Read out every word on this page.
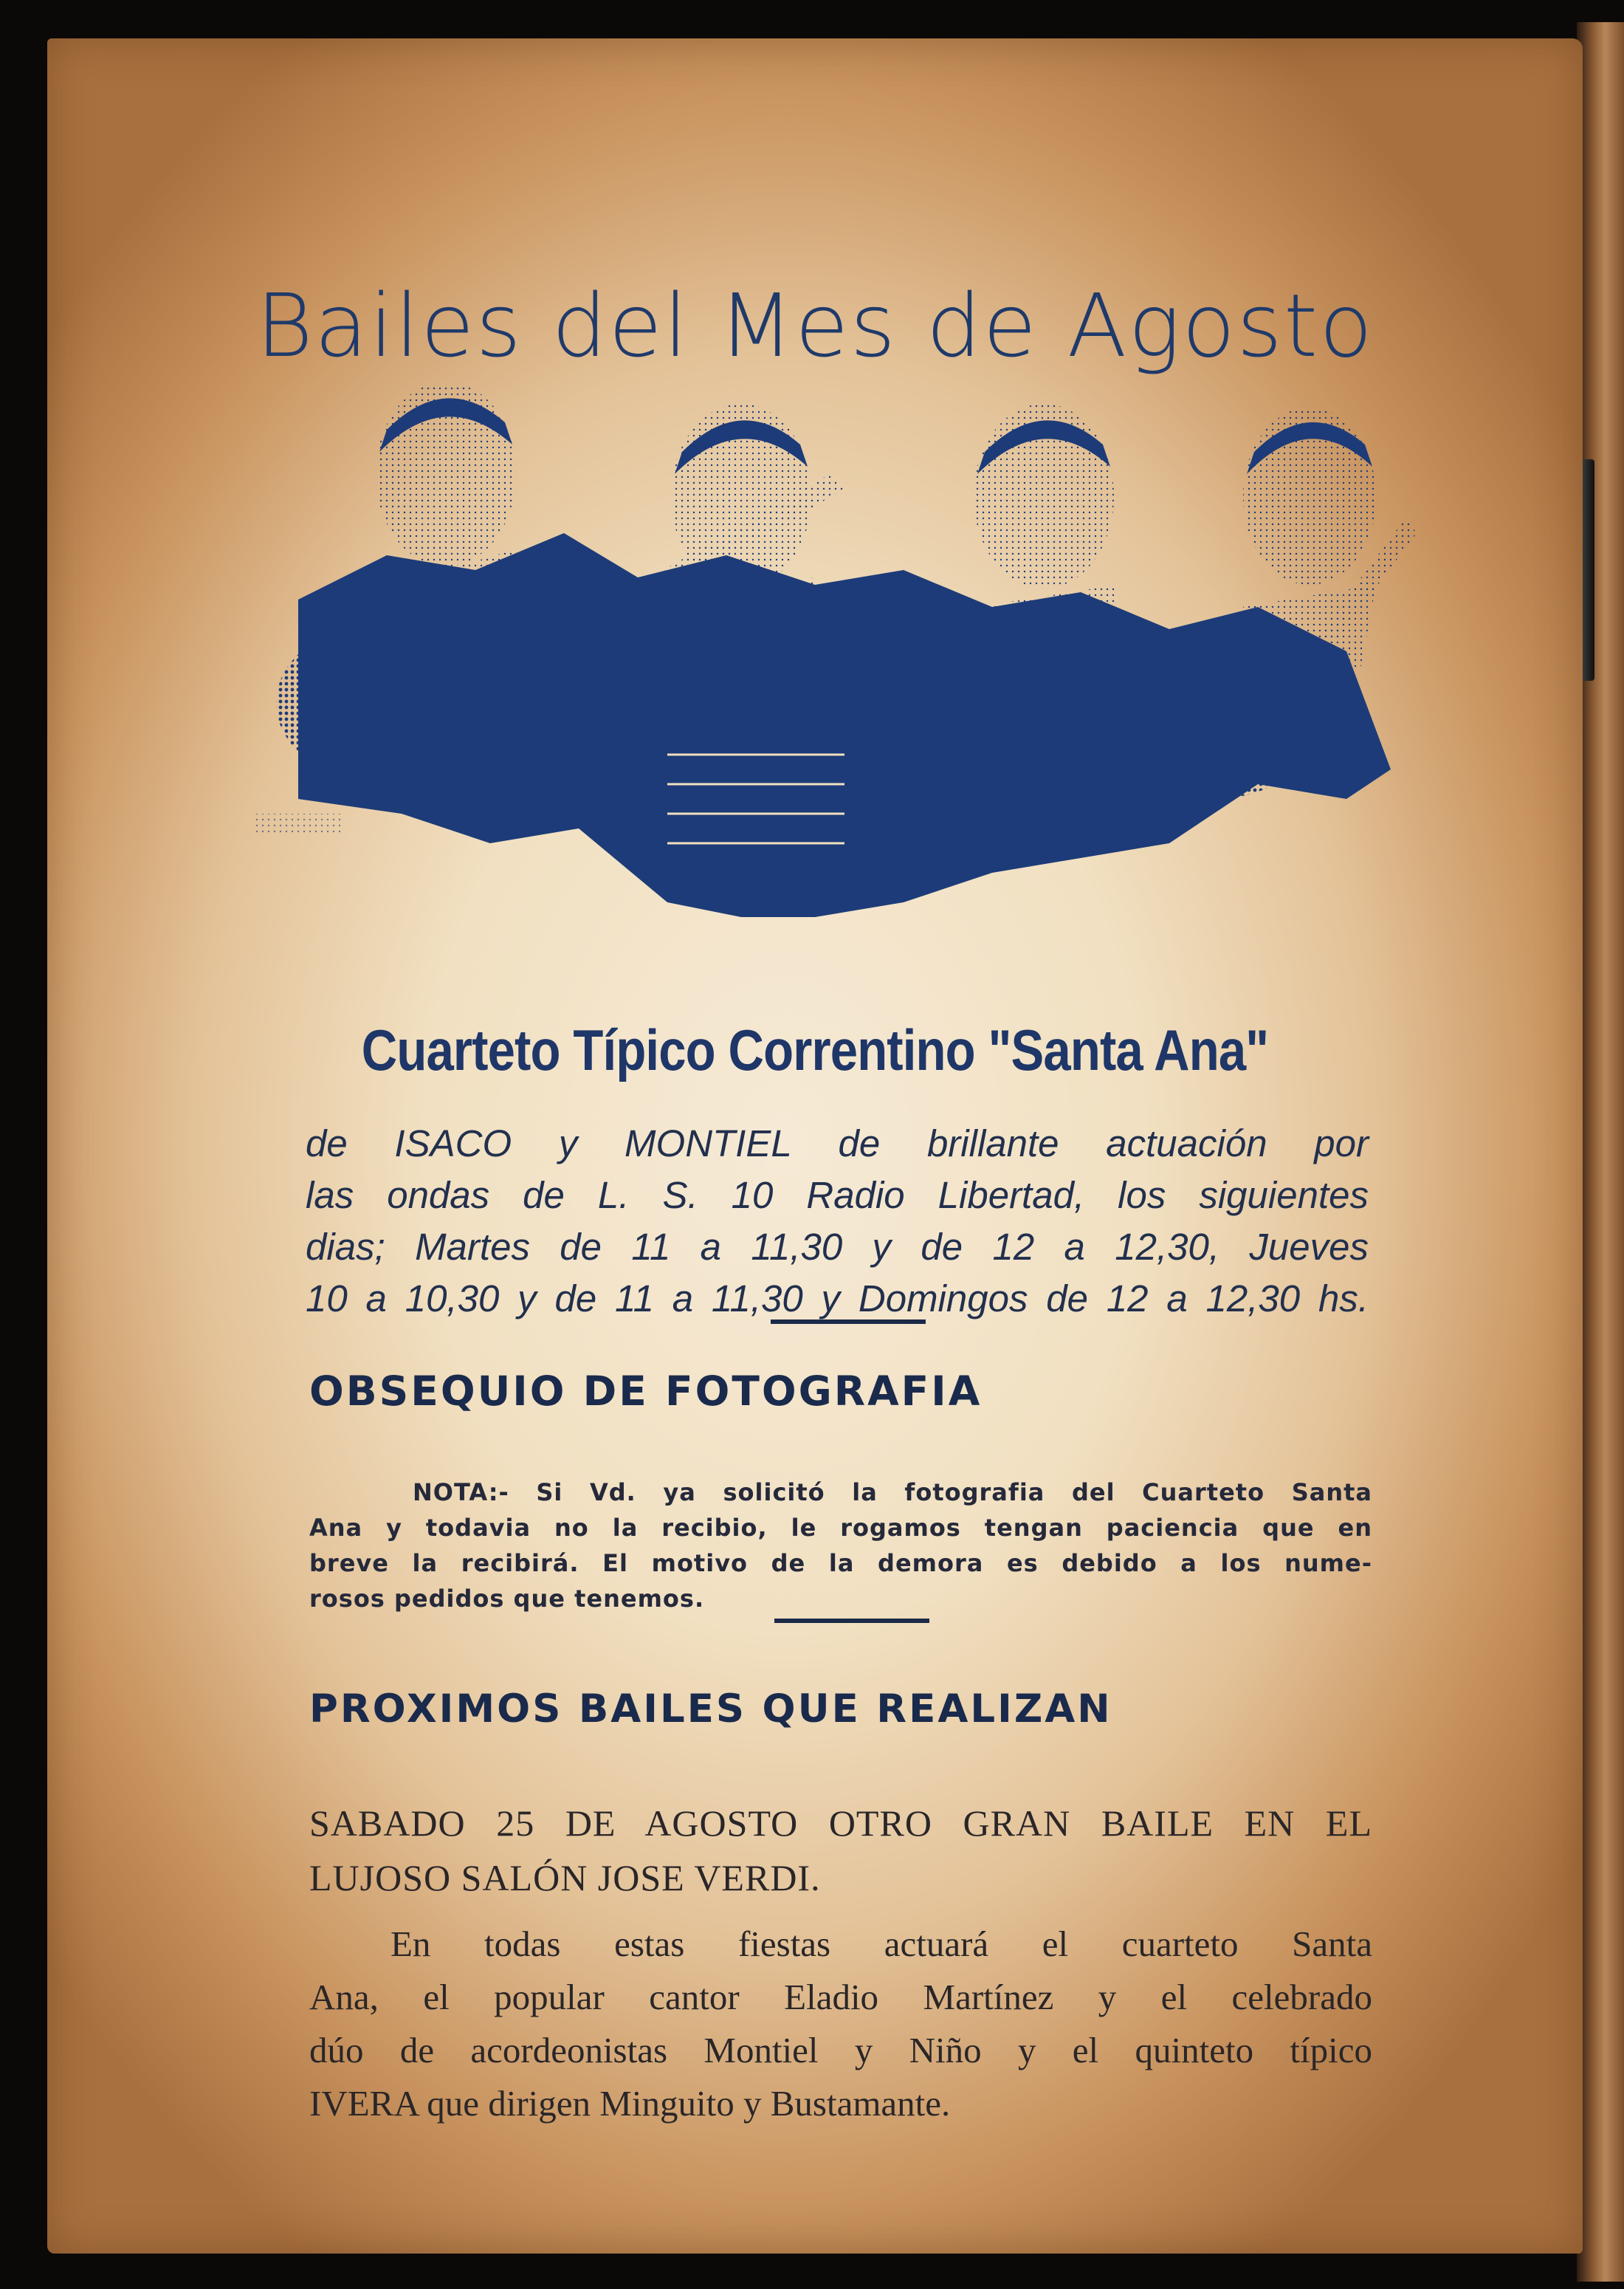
Bailes del Mes de Agosto
Cuarteto Típico Correntino "Santa Ana"
de ISACO y MONTIEL de brillante actuación por
las ondas de L. S. 10 Radio Libertad, los siguientes
dias; Martes de 11 a 11,30 y de 12 a 12,30, Jueves
10 a 10,30 y de 11 a 11,30 y Domingos de 12 a 12,30 hs.
OBSEQUIO DE FOTOGRAFIA
NOTA:- Si Vd. ya solicitó la fotografia del Cuarteto Santa
Ana y todavia no la recibio, le rogamos tengan paciencia que en
breve la recibirá. El motivo de la demora es debido a los nume-
rosos pedidos que tenemos.
PROXIMOS BAILES QUE REALIZAN
SABADO 25 DE AGOSTO OTRO GRAN BAILE EN EL
LUJOSO SALÓN JOSE VERDI.
En todas estas fiestas actuará el cuarteto Santa
Ana, el popular cantor Eladio Martínez y el celebrado
dúo de acordeonistas Montiel y Niño y el quinteto típico
IVERA que dirigen Minguito y Bustamante.
